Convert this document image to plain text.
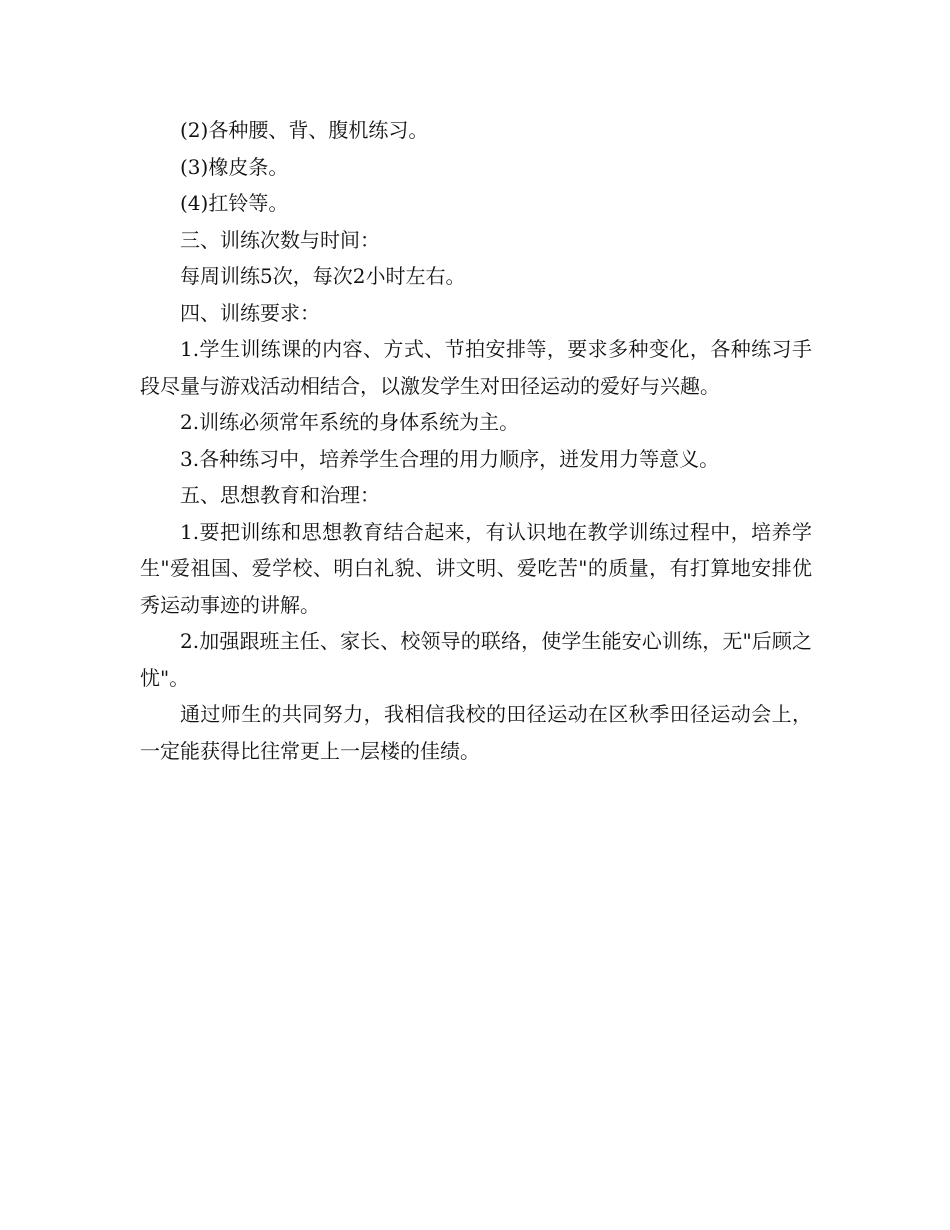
(2)各种腰、背、腹机练习。

(3)橡皮条。

(4)扛铃等。

三、训练次数与时间：

每周训练5次，每次2小时左右。

四、训练要求：

1.学生训练课的内容、方式、节拍安排等，要求多种变化，各种练习手段尽量与游戏活动相结合，以激发学生对田径运动的爱好与兴趣。

2.训练必须常年系统的身体系统为主。

3.各种练习中，培养学生合理的用力顺序，迸发用力等意义。

五、思想教育和治理：

1.要把训练和思想教育结合起来，有认识地在教学训练过程中，培养学生"爱祖国、爱学校、明白礼貌、讲文明、爱吃苦"的质量，有打算地安排优秀运动事迹的讲解。

2.加强跟班主任、家长、校领导的联络，使学生能安心训练，无"后顾之忧"。

通过师生的共同努力，我相信我校的田径运动在区秋季田径运动会上，一定能获得比往常更上一层楼的佳绩。
